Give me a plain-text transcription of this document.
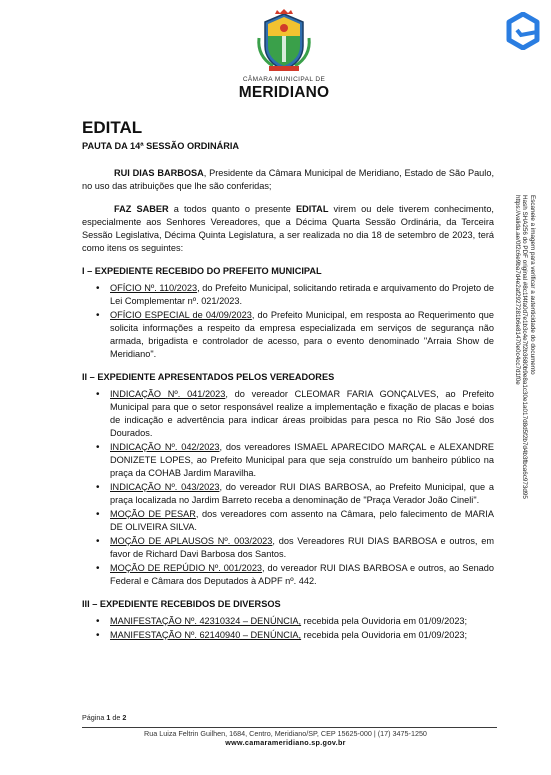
CÂMARA MUNICIPAL DE
MERIDIANO
Escaneie a imagem para verificar a autenticidade do documento
Hash SHA256 do PDF original #8c1f4fa0d7e1b3c4e7f2b3680b9e8a1c30e1a017d8d5f2b7d4b3fbca6c973d95
https://valida.ae/0f2c6e9ba7d4e2af2927281b6e81470e0c4cc7d1f0e
EDITAL
PAUTA DA 14ª SESSÃO ORDINÁRIA

RUI DIAS BARBOSA, Presidente da Câmara Municipal de Meridiano, Estado de São Paulo, no uso das atribuições que lhe são conferidas;

FAZ SABER a todos quanto o presente EDITAL virem ou dele tiverem conhecimento, especialmente aos Senhores Vereadores, que a Décima Quarta Sessão Ordinária, da Terceira Sessão Legislativa, Décima Quinta Legislatura, a ser realizada no dia 18 de setembro de 2023, terá como itens os seguintes:

I – EXPEDIENTE RECEBIDO DO PREFEITO MUNICIPAL
• OFÍCIO Nº. 110/2023, do Prefeito Municipal, solicitando retirada e arquivamento do Projeto de Lei Complementar nº. 021/2023.
• OFÍCIO ESPECIAL de 04/09/2023, do Prefeito Municipal, em resposta ao Requerimento que solicita informações a respeito da empresa especializada em serviços de segurança não armada, brigadista e controlador de acesso, para o evento denominado "Arraia Show de Meridiano".
II – EXPEDIENTE APRESENTADOS PELOS VEREADORES
• INDICAÇÃO Nº. 041/2023, do vereador CLEOMAR FARIA GONÇALVES, ao Prefeito Municipal para que o setor responsável realize a implementação e fixação de placas e boias de indicação e advertência para indicar áreas proibidas para pesca no Rio São José dos Dourados.
• INDICAÇÃO Nº. 042/2023, dos vereadores ISMAEL APARECIDO MARÇAL e ALEXANDRE DONIZETE LOPES, ao Prefeito Municipal para que seja construído um banheiro público na praça da COHAB Jardim Maravilha.
• INDICAÇÃO Nº. 043/2023, do vereador RUI DIAS BARBOSA, ao Prefeito Municipal, que a praça localizada no Jardim Barreto receba a denominação de "Praça Verador João Cineli".
• MOÇÃO DE PESAR, dos vereadores com assento na Câmara, pelo falecimento de MARIA DE OLIVEIRA SILVA.
• MOÇÃO DE APLAUSOS Nº. 003/2023, dos Vereadores RUI DIAS BARBOSA e outros, em favor de Richard Davi Barbosa dos Santos.
• MOÇÃO DE REPÚDIO Nº. 001/2023, do vereador RUI DIAS BARBOSA e outros, ao Senado Federal e Câmara dos Deputados à ADPF nº. 442.
III – EXPEDIENTE RECEBIDOS DE DIVERSOS
• MANIFESTAÇÃO Nº. 42310324 – DENÚNCIA, recebida pela Ouvidoria em 01/09/2023;
• MANIFESTAÇÃO Nº. 62140940 – DENÚNCIA, recebida pela Ouvidoria em 01/09/2023;
Página 1 de 2
Rua Luiza Feltrin Guilhen, 1684, Centro, Meridiano/SP, CEP 15625-000 | (17) 3475-1250
www.camarameridiano.sp.gov.br
